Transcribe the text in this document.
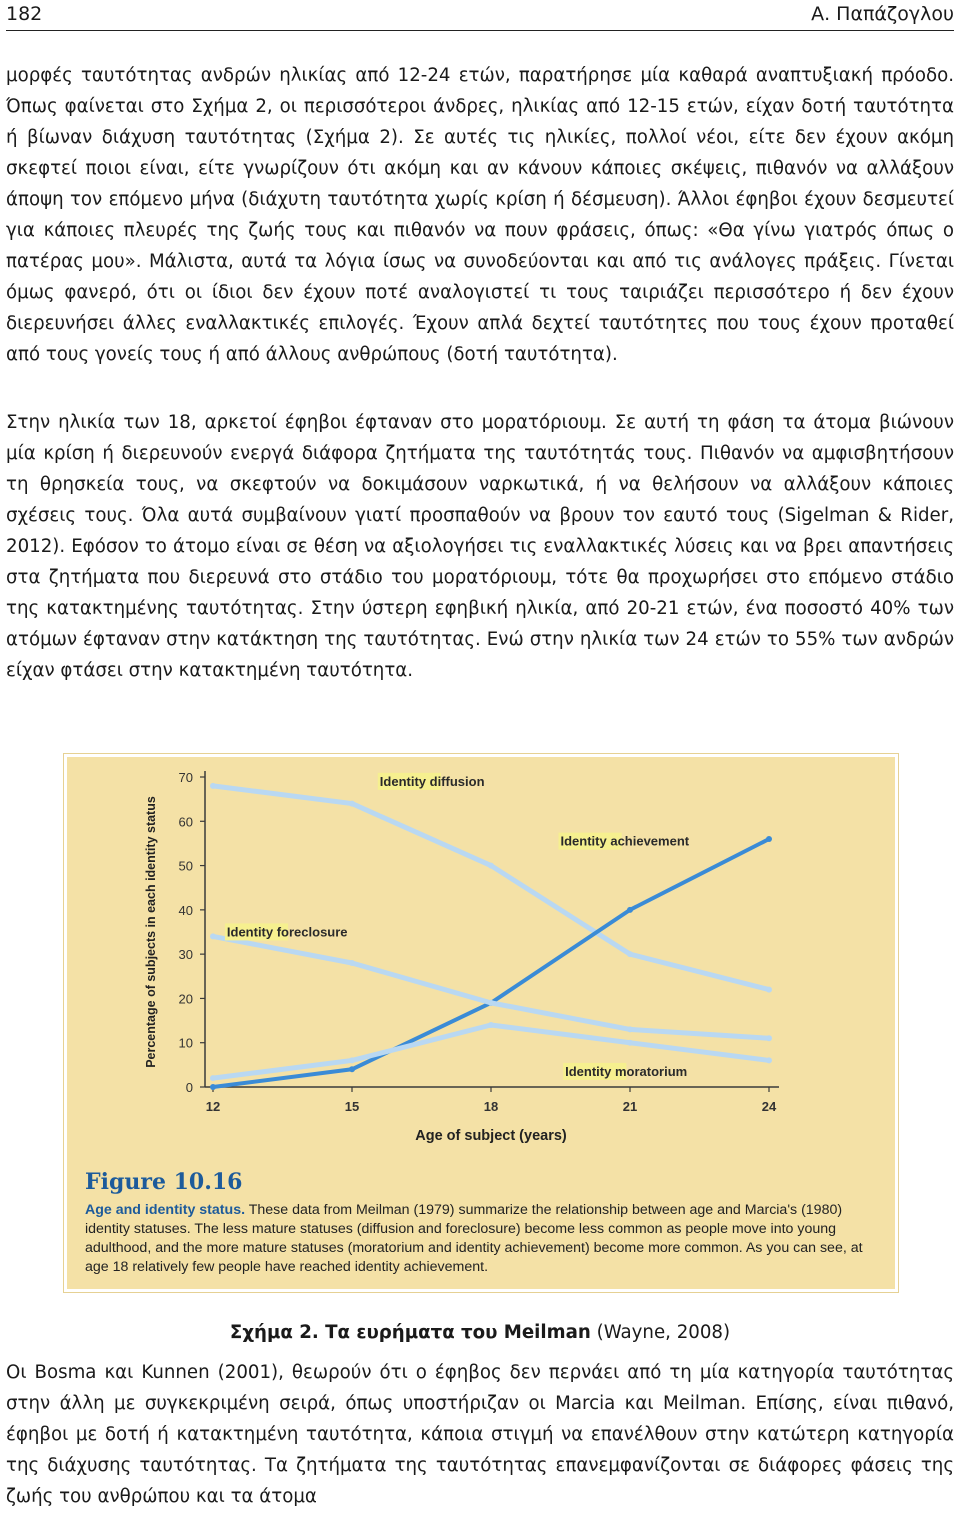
182	Α. Παπάζογλου

μορφές ταυτότητας ανδρών ηλικίας από 12-24 ετών, παρατήρησε μία καθαρά αναπτυξιακή πρόοδο. Όπως φαίνεται στο Σχήμα 2, οι περισσότεροι άνδρες, ηλικίας από 12-15 ετών, είχαν δοτή ταυτότητα ή βίωναν διάχυση ταυτότητας (Σχήμα 2). Σε αυτές τις ηλικίες, πολλοί νέοι, είτε δεν έχουν ακόμη σκεφτεί ποιοι είναι, είτε γνωρίζουν ότι ακόμη και αν κάνουν κάποιες σκέψεις, πιθανόν να αλλάξουν άποψη τον επόμενο μήνα (διάχυτη ταυτότητα χωρίς κρίση ή δέσμευση). Άλλοι έφηβοι έχουν δεσμευτεί για κάποιες πλευρές της ζωής τους και πιθανόν να πουν φράσεις, όπως: «Θα γίνω γιατρός όπως ο πατέρας μου». Μάλιστα, αυτά τα λόγια ίσως να συνοδεύονται και από τις ανάλογες πράξεις. Γίνεται όμως φανερό, ότι οι ίδιοι δεν έχουν ποτέ αναλογιστεί τι τους ταιριάζει περισσότερο ή δεν έχουν διερευνήσει άλλες εναλλακτικές επιλογές. Έχουν απλά δεχτεί ταυτότητες που τους έχουν προταθεί από τους γονείς τους ή από άλλους ανθρώπους (δοτή ταυτότητα).

Στην ηλικία των 18, αρκετοί έφηβοι έφταναν στο μορατόριουμ. Σε αυτή τη φάση τα άτομα βιώνουν μία κρίση ή διερευνούν ενεργά διάφορα ζητήματα της ταυτότητάς τους. Πιθανόν να αμφισβητήσουν τη θρησκεία τους, να σκεφτούν να δοκιμάσουν ναρκωτικά, ή να θελήσουν να αλλάξουν κάποιες σχέσεις τους. Όλα αυτά συμβαίνουν γιατί προσπαθούν να βρουν τον εαυτό τους (Sigelman & Rider, 2012). Εφόσον το άτομο είναι σε θέση να αξιολογήσει τις εναλλακτικές λύσεις και να βρει απαντήσεις στα ζητήματα που διερευνά στο στάδιο του μορατόριουμ, τότε θα προχωρήσει στο επόμενο στάδιο της κατακτημένης ταυτότητας. Στην ύστερη εφηβική ηλικία, από 20-21 ετών, ένα ποσοστό 40% των ατόμων έφταναν στην κατάκτηση της ταυτότητας. Ενώ στην ηλικία των 24 ετών το 55% των ανδρών είχαν φτάσει στην κατακτημένη ταυτότητα.

0
10
20
30
40
50
60
70
12	15	18	21	24
Age of subject (years)
Percentage of subjects in each identity status
Identity diffusion
Identity achievement
Identity foreclosure
Identity moratorium
Figure 10.16
Age and identity status. These data from Meilman (1979) summarize the relationship between age and Marcia's (1980) identity statuses. The less mature statuses (diffusion and foreclosure) become less common as people move into young adulthood, and the more mature statuses (moratorium and identity achievement) become more common. As you can see, at age 18 relatively few people have reached identity achievement.
Σχήμα 2. Τα ευρήματα του Meilman (Wayne, 2008)

Οι Bosma και Kunnen (2001), θεωρούν ότι ο έφηβος δεν περνάει από τη μία κατηγορία ταυτότητας στην άλλη με συγκεκριμένη σειρά, όπως υποστήριζαν οι Marcia και Meilman. Επίσης, είναι πιθανό, έφηβοι με δοτή ή κατακτημένη ταυτότητα, κάποια στιγμή να επανέλθουν στην κατώτερη κατηγορία της διάχυσης ταυτότητας. Τα ζητήματα της ταυτότητας επανεμφανίζονται σε διάφορες φάσεις της ζωής του ανθρώπου και τα άτομα
